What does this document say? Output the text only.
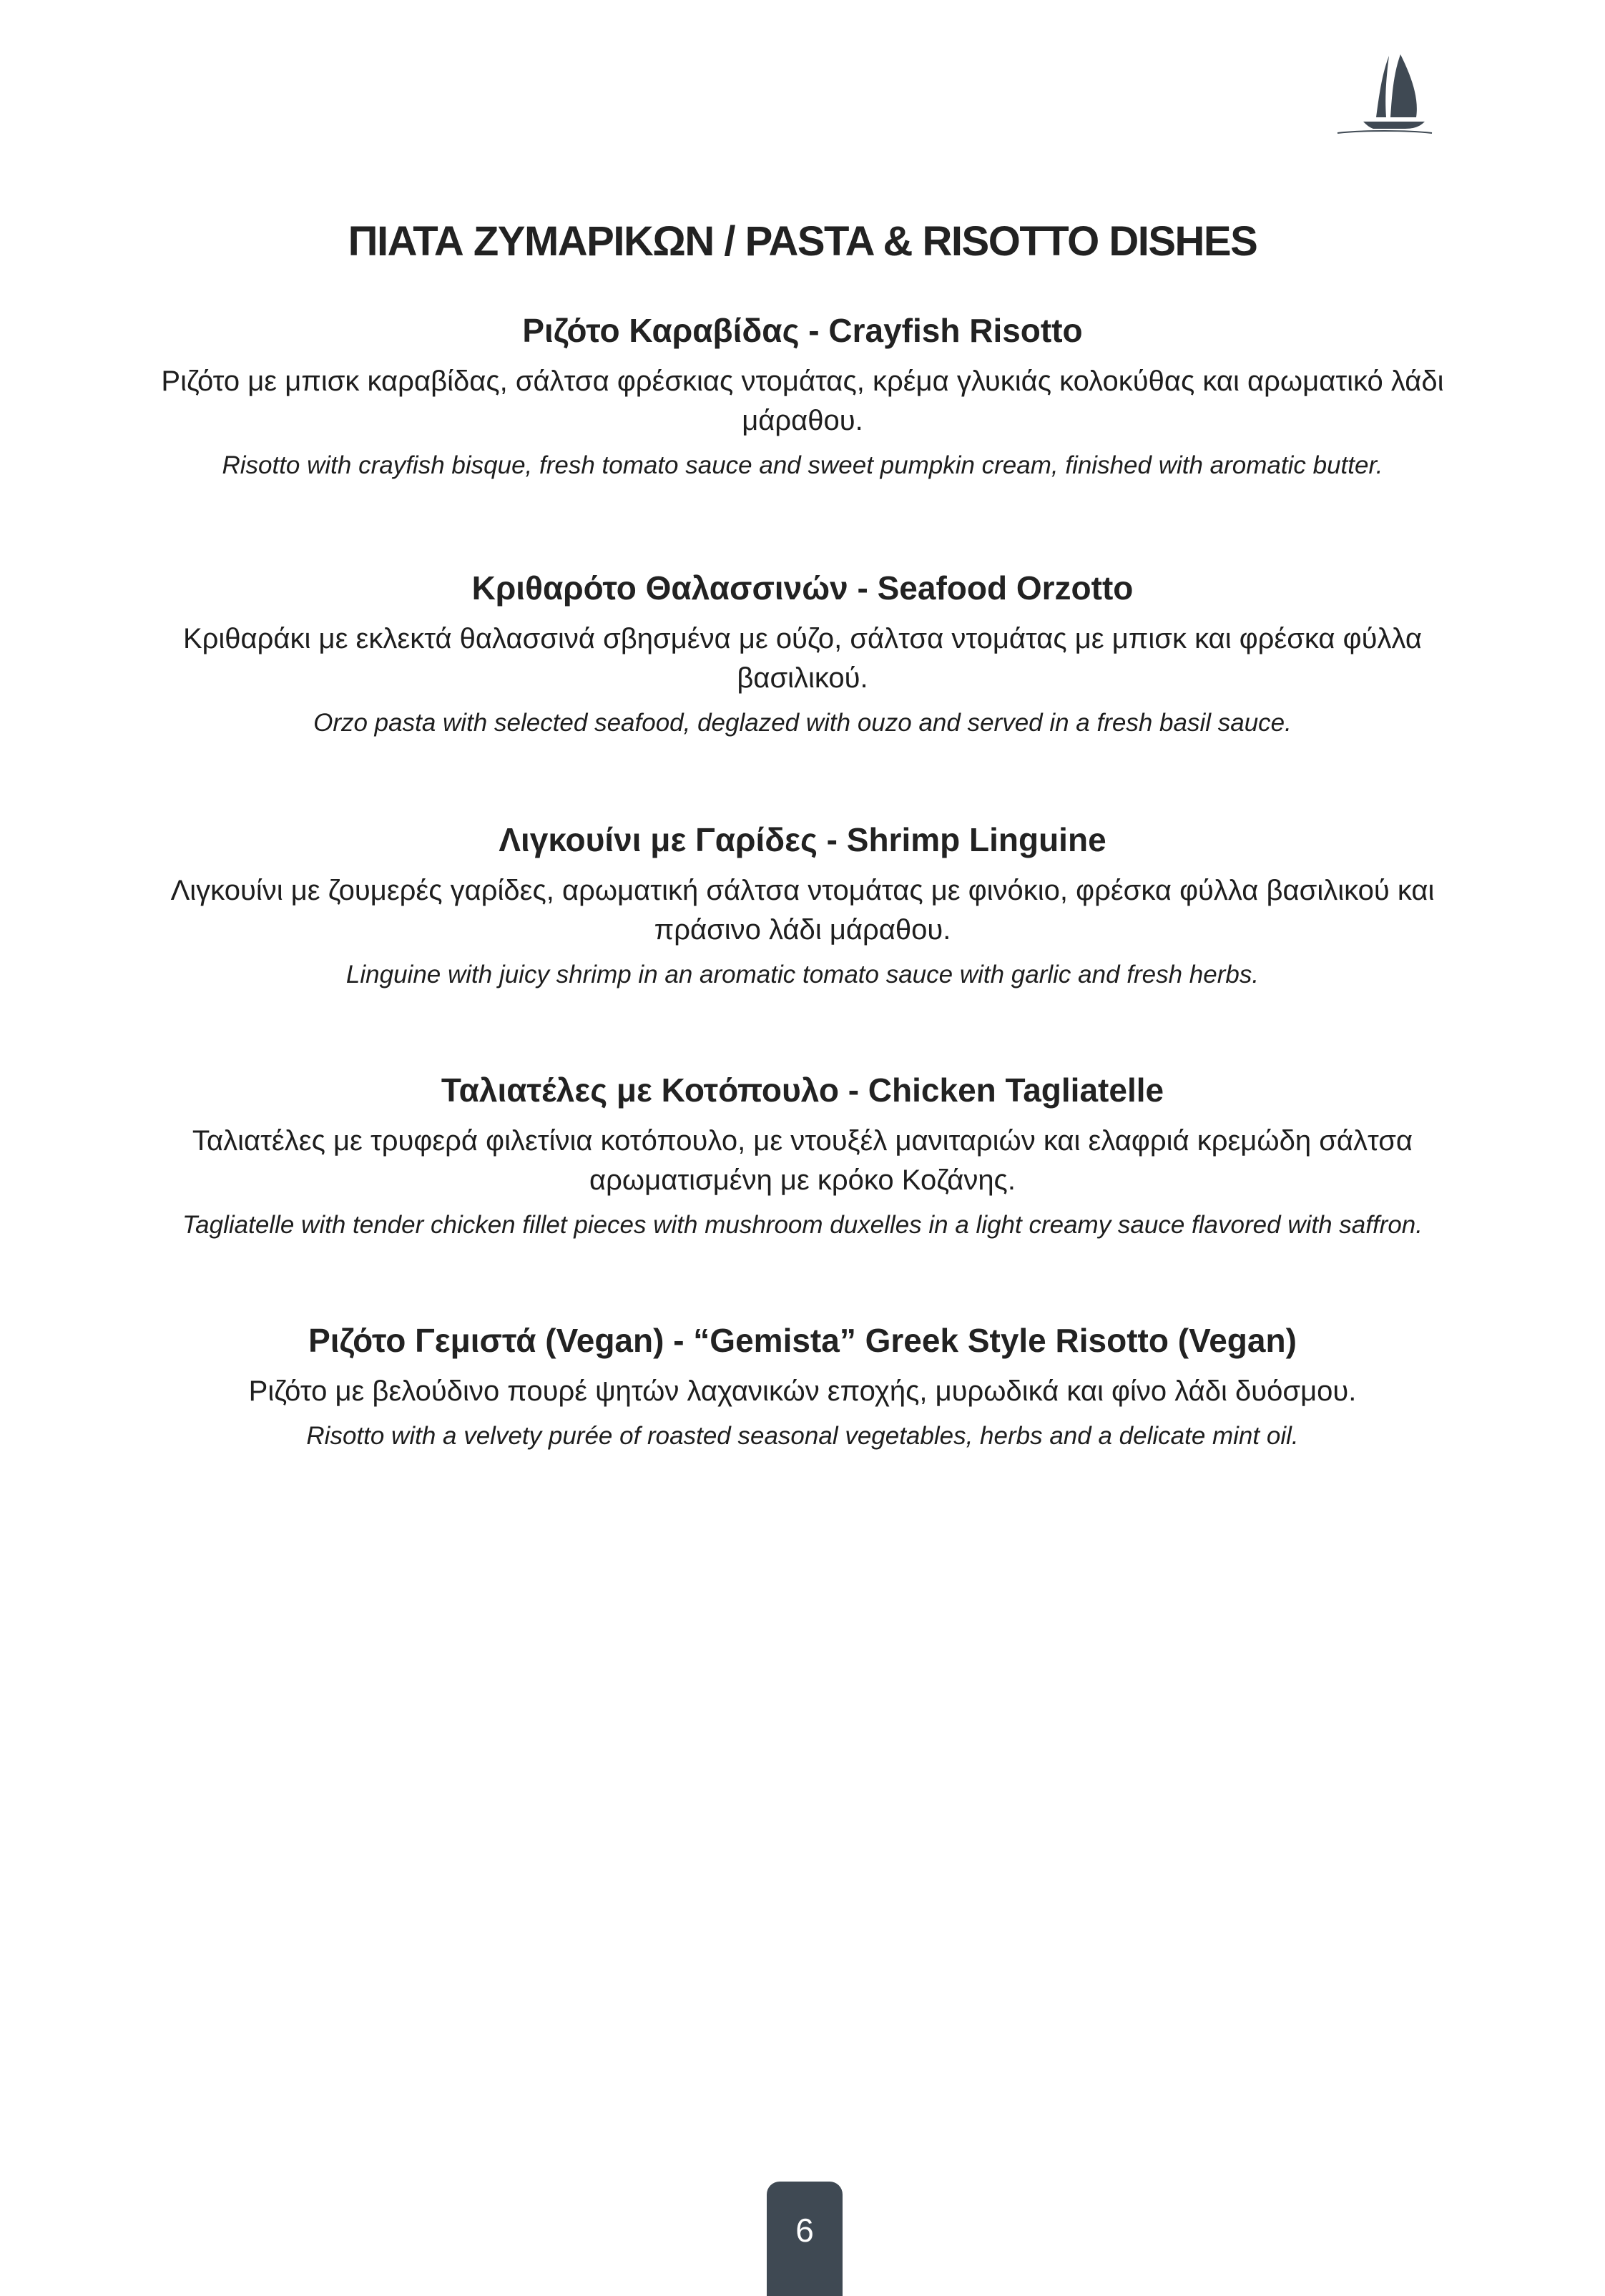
ΠΙΑΤΑ ΖΥΜΑΡΙΚΩΝ / PASTA & RISOTTO DISHES
Ριζότο Καραβίδας - Crayfish Risotto

Ριζότο με μπισκ καραβίδας, σάλτσα φρέσκιας ντομάτας, κρέμα γλυκιάς κολοκύθας και αρωματικό λάδι μάραθου.

Risotto with crayfish bisque, fresh tomato sauce and sweet pumpkin cream, finished with aromatic butter.

Κριθαρότο Θαλασσινών - Seafood Orzotto

Κριθαράκι με εκλεκτά θαλασσινά σβησμένα με ούζο, σάλτσα ντομάτας με μπισκ και φρέσκα φύλλα βασιλικού.

Orzo pasta with selected seafood, deglazed with ouzo and served in a fresh basil sauce.

Λιγκουίνι με Γαρίδες - Shrimp Linguine

Λιγκουίνι με ζουμερές γαρίδες, αρωματική σάλτσα ντομάτας με φινόκιο, φρέσκα φύλλα βασιλικού και πράσινο λάδι μάραθου.

Linguine with juicy shrimp in an aromatic tomato sauce with garlic and fresh herbs.

Ταλιατέλες με Κοτόπουλο - Chicken Tagliatelle

Ταλιατέλες με τρυφερά φιλετίνια κοτόπουλο, με ντουξέλ μανιταριών και ελαφριά κρεμώδη σάλτσα αρωματισμένη με κρόκο Κοζάνης.

Tagliatelle with tender chicken fillet pieces with mushroom duxelles in a light creamy sauce flavored with saffron.

Ριζότο Γεμιστά (Vegan) - “Gemista” Greek Style Risotto (Vegan)

Ριζότο με βελούδινο πουρέ ψητών λαχανικών εποχής, μυρωδικά και φίνο λάδι δυόσμου.

Risotto with a velvety purée of roasted seasonal vegetables, herbs and a delicate mint oil.

6
